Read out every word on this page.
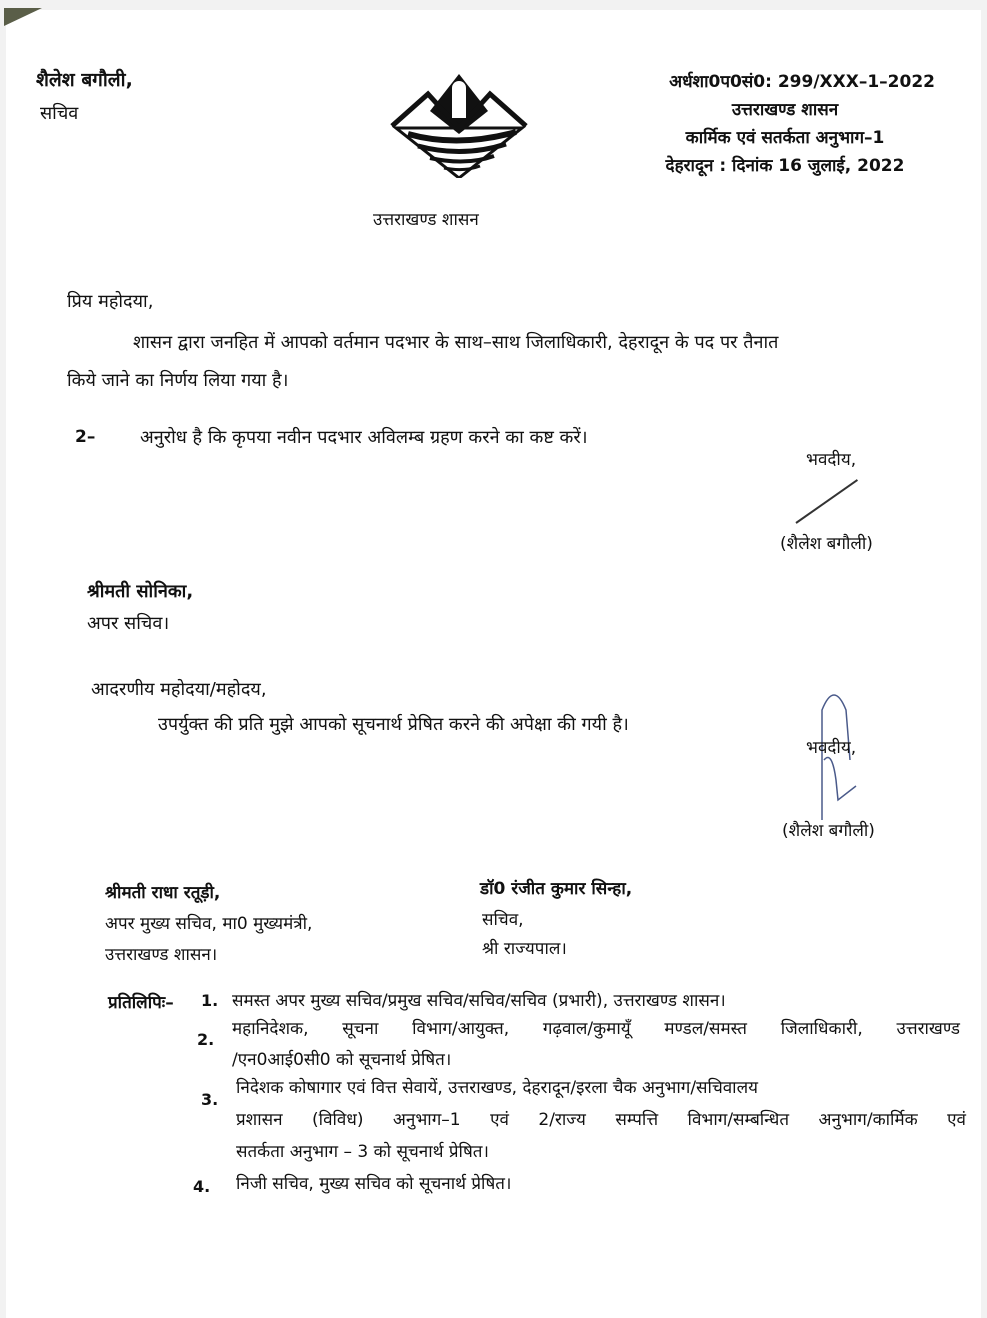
शैलेश बगौली,
सचिव
उत्तराखण्ड शासन
अर्धशा0प0सं0: 299/XXX–1–2022
उत्तराखण्ड शासन
कार्मिक एवं सतर्कता अनुभाग–1
देहरादून : दिनांक 16 जुलाई, 2022
प्रिय महोदया,
शासन द्वारा जनहित में आपको वर्तमान पदभार के साथ–साथ जिलाधिकारी, देहरादून के पद पर तैनात
किये जाने का निर्णय लिया गया है।
2– अनुरोध है कि कृपया नवीन पदभार अविलम्ब ग्रहण करने का कष्ट करें।
भवदीय,
(शैलेश बगौली)
श्रीमती सोनिका,
अपर सचिव।
आदरणीय महोदया/महोदय,
उपर्युक्त की प्रति मुझे आपको सूचनार्थ प्रेषित करने की अपेक्षा की गयी है।
भवदीय,
(शैलेश बगौली)
श्रीमती राधा रतूड़ी,
अपर मुख्य सचिव, मा0 मुख्यमंत्री,
उत्तराखण्ड शासन।
डॉ0 रंजीत कुमार सिन्हा,
सचिव,
श्री राज्यपाल।
प्रतिलिपिः– 1. समस्त अपर मुख्य सचिव/प्रमुख सचिव/सचिव/सचिव (प्रभारी), उत्तराखण्ड शासन।
2.
महानिदेशक, सूचना विभाग/आयुक्त, गढ़वाल/कुमायूँ मण्डल/समस्त जिलाधिकारी, उत्तराखण्ड
/एन0आई0सी0 को सूचनार्थ प्रेषित।
3.
निदेशक कोषागार एवं वित्त सेवायें, उत्तराखण्ड, देहरादून/इरला चैक अनुभाग/सचिवालय
प्रशासन (विविध) अनुभाग–1 एवं 2/राज्य सम्पत्ति विभाग/सम्बन्धित अनुभाग/कार्मिक एवं
सतर्कता अनुभाग – 3 को सूचनार्थ प्रेषित।
4. निजी सचिव, मुख्य सचिव को सूचनार्थ प्रेषित।
